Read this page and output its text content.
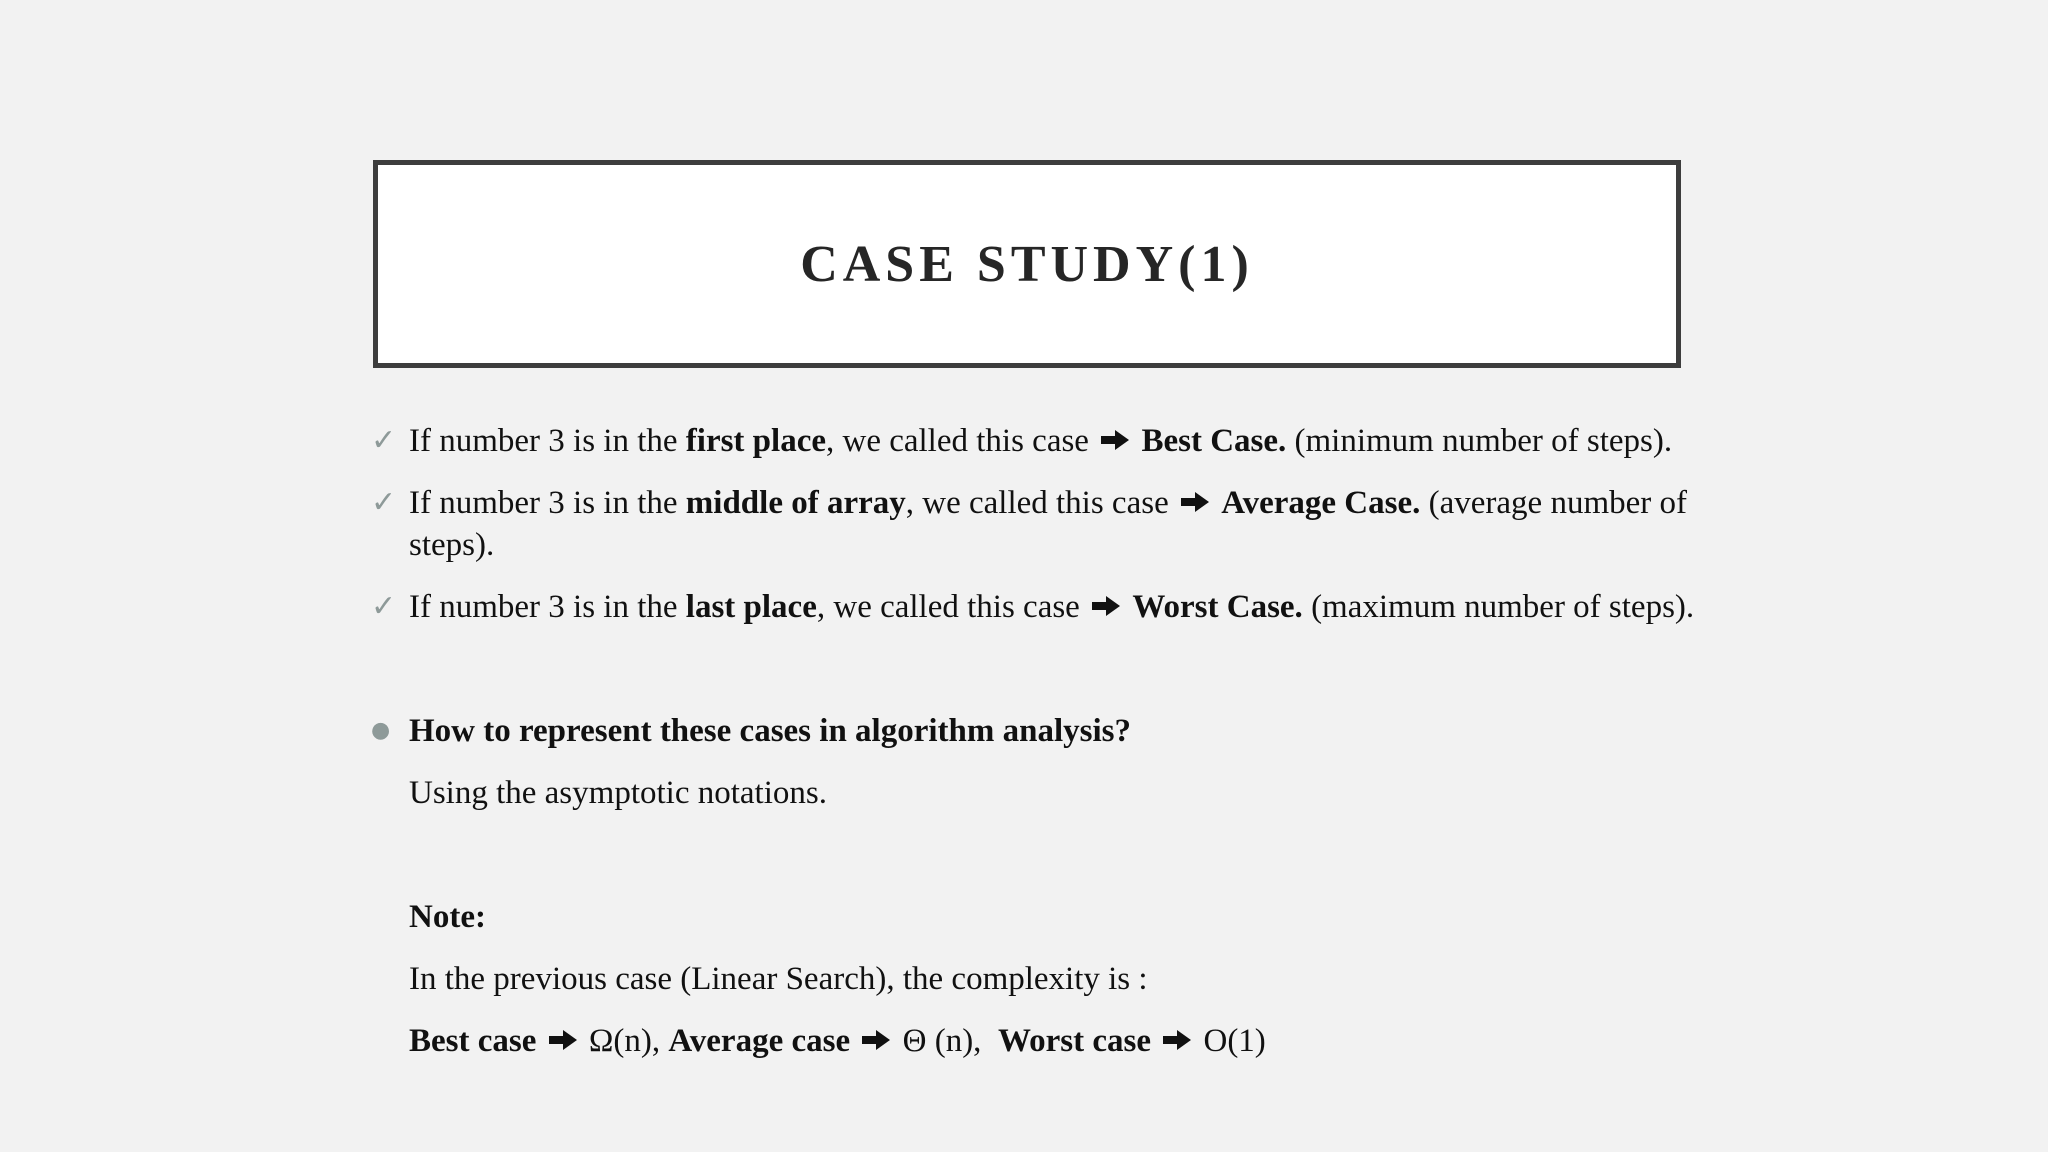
CASE STUDY(1)
✓ If number 3 is in the first place, we called this case  Best Case. (minimum number of steps).
✓ If number 3 is in the middle of array, we called this case  Average Case. (average number of steps).
✓ If number 3 is in the last place, we called this case  Worst Case. (maximum number of steps).
● How to represent these cases in algorithm analysis?
Using the asymptotic notations.
Note:
In the previous case (Linear Search), the complexity is :
Best case Ω(n), Average case Θ (n), Worst case O(1)
